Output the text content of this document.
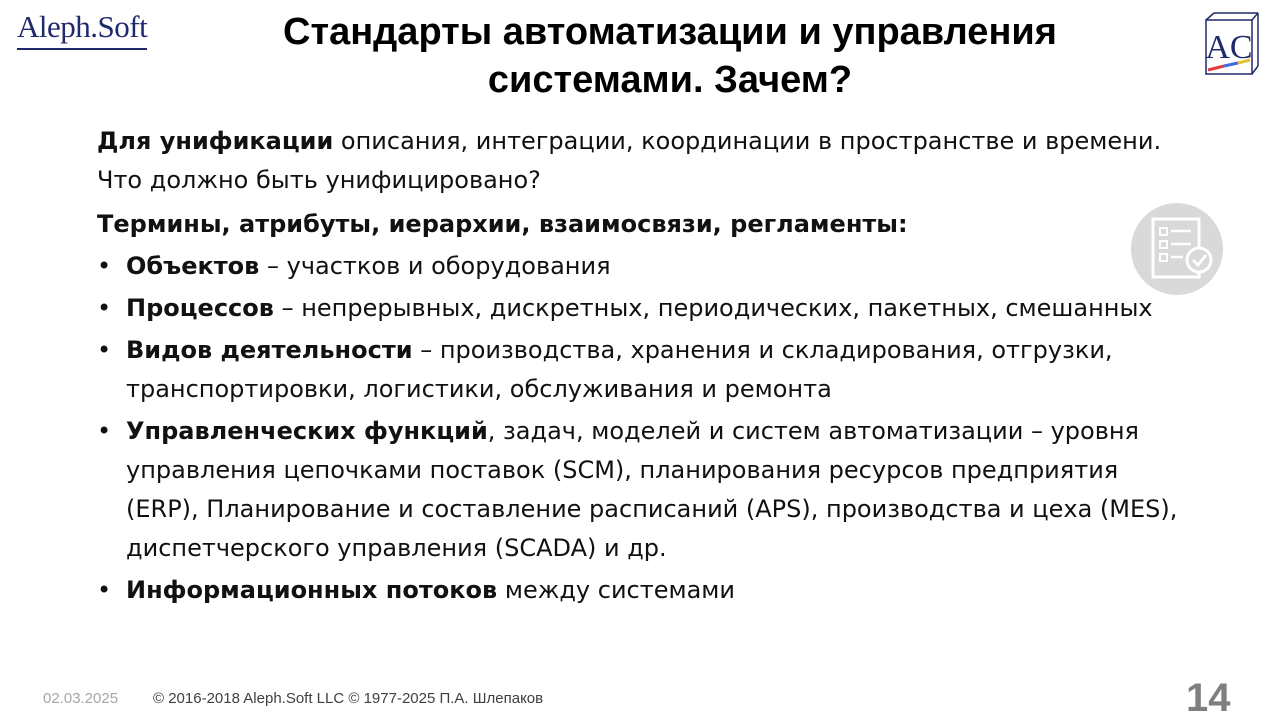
Aleph.Soft	Стандарты автоматизации и управления системами. Зачем?
AC

Для унификации описания, интеграции, координации в пространстве и времени. Что должно быть унифицировано?

Термины, атрибуты, иерархии, взаимосвязи, регламенты:

• Объектов – участков и оборудования
• Процессов – непрерывных, дискретных, периодических, пакетных, смешанных
• Видов деятельности – производства, хранения и складирования, отгрузки, транспортировки, логистики, обслуживания и ремонта
• Управленческих функций, задач, моделей и систем автоматизации – уровня управления цепочками поставок (SCM), планирования ресурсов предприятия (ERP), Планирование и составление расписаний (APS), производства и цеха (MES), диспетчерского управления (SCADA) и др.
• Информационных потоков между системами
02.03.2025 © 2016-2018 Aleph.Soft LLC © 1977-2025 П.А. Шлепаков	14
